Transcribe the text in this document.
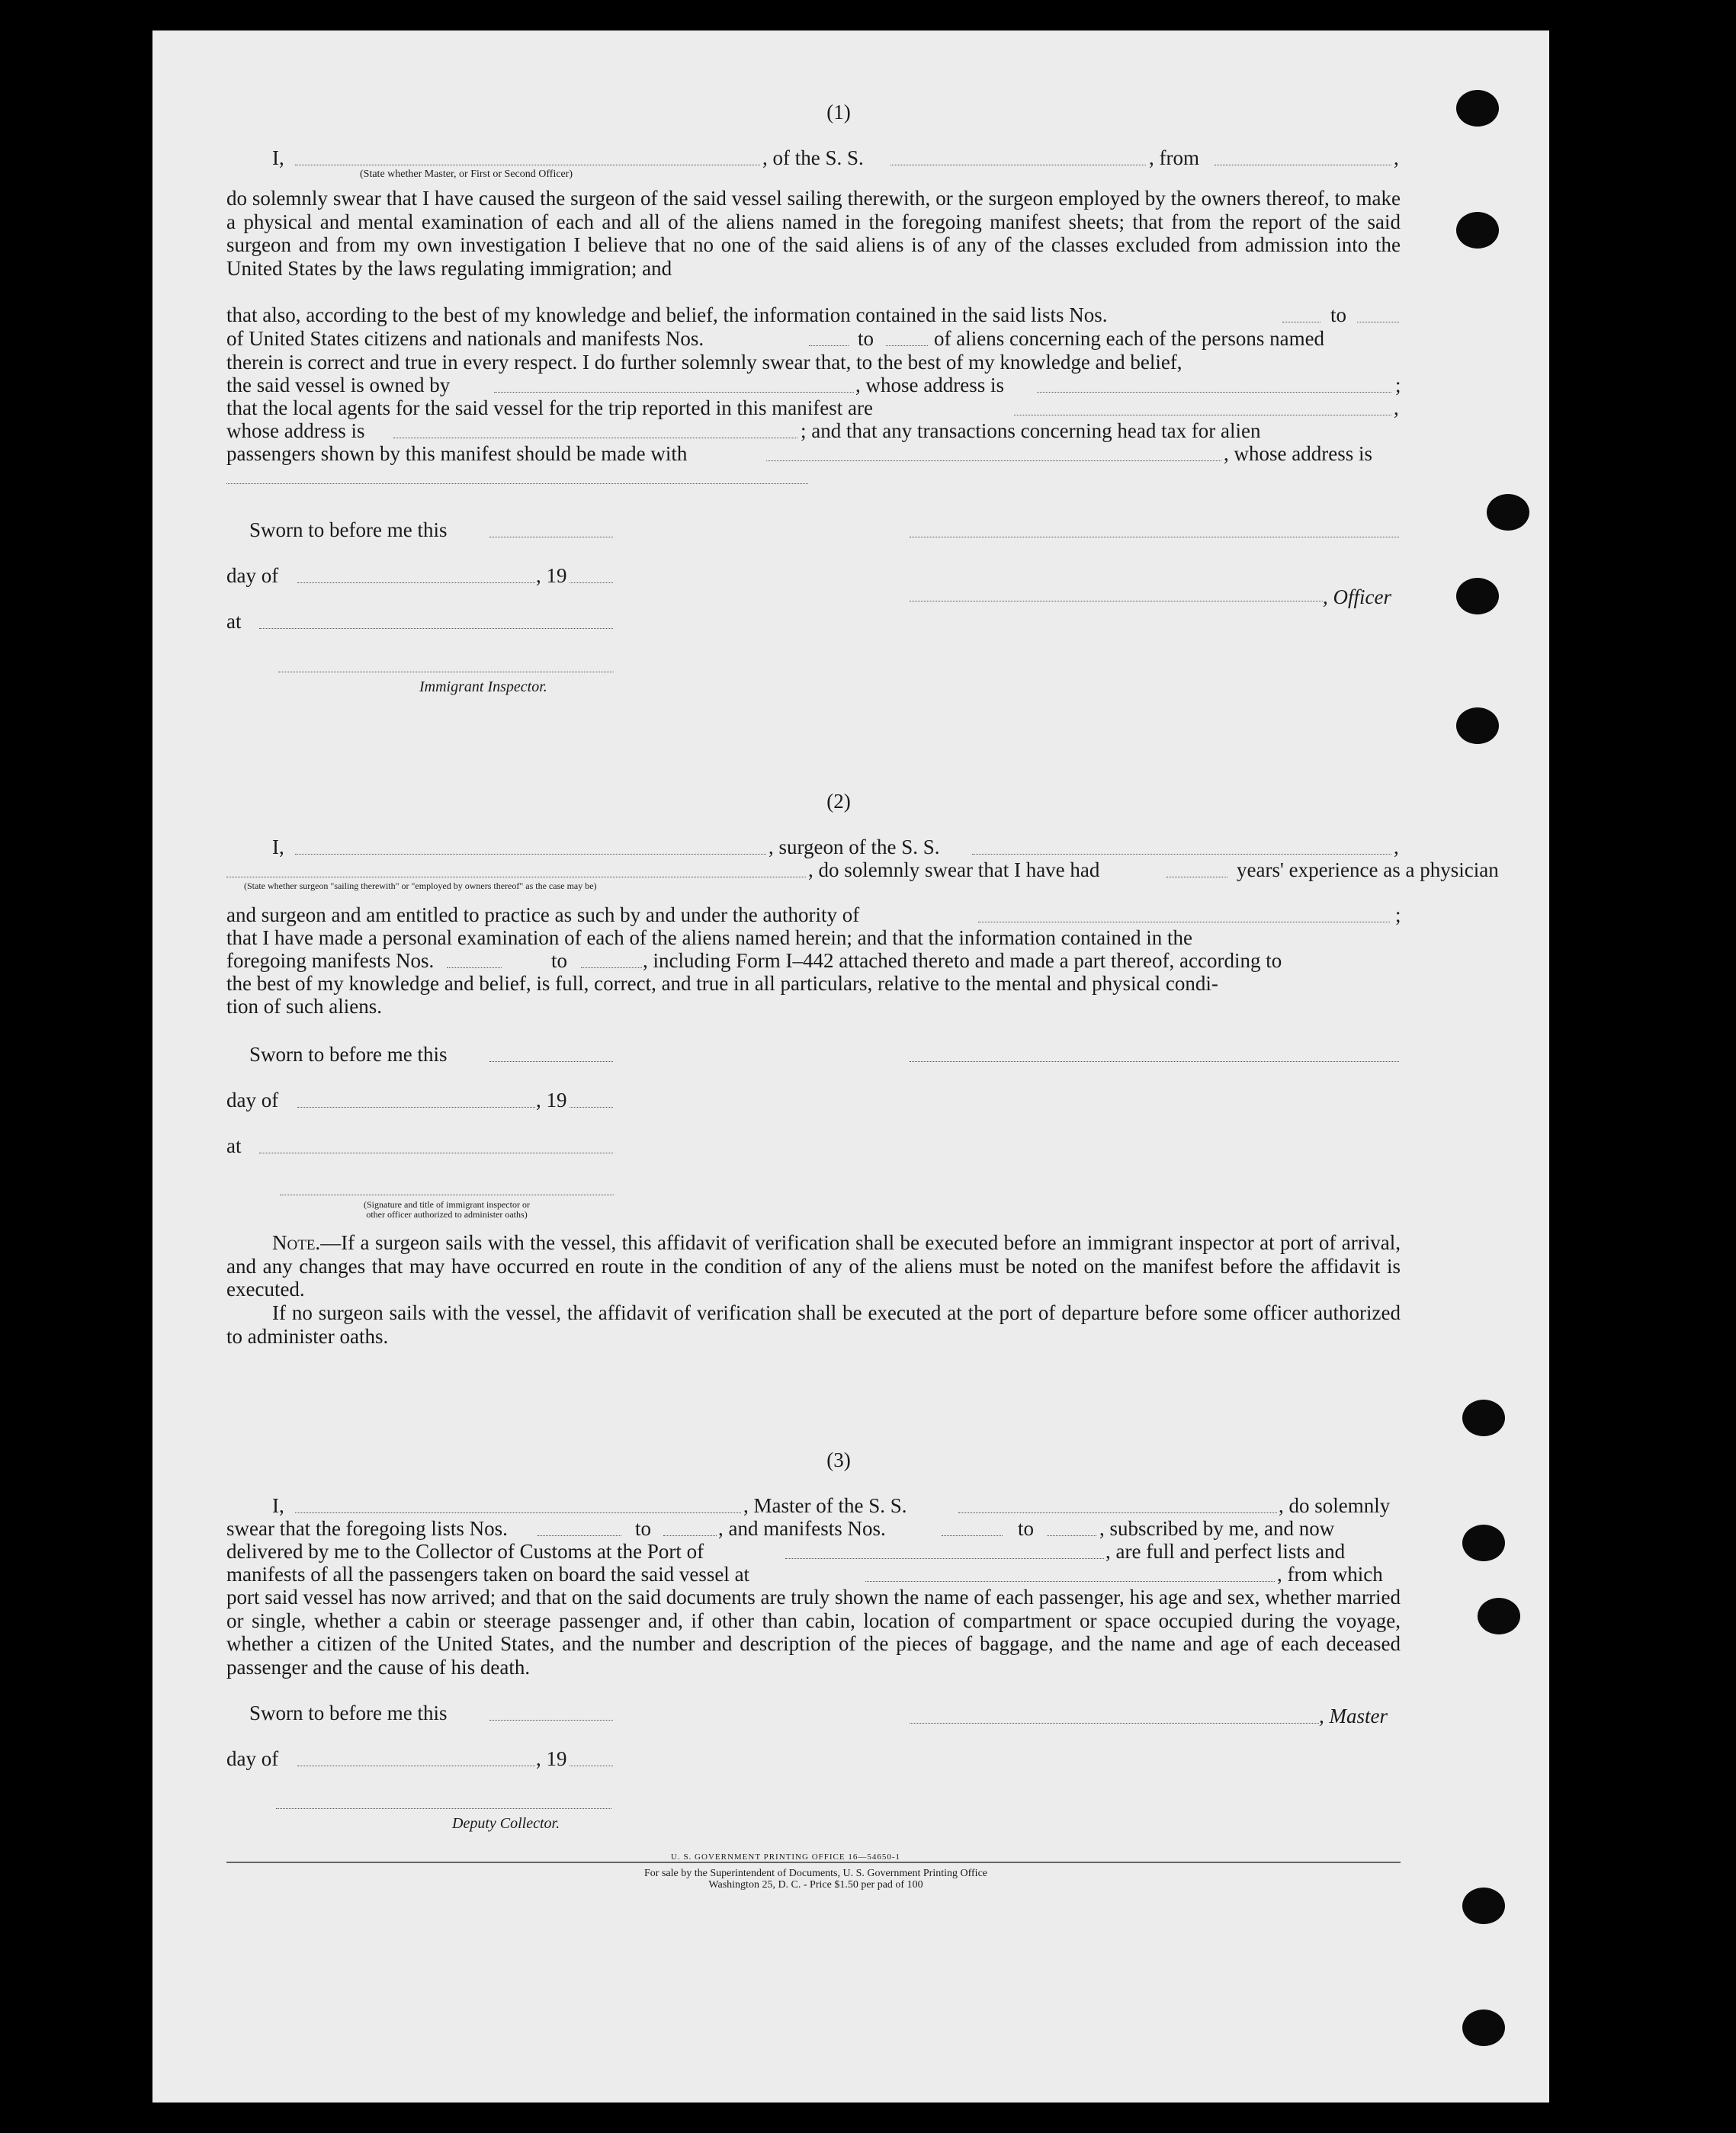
(1)
I,	, of the S. S.	, from	,
(State whether Master, or First or Second Officer)
do solemnly swear that I have caused the surgeon of the said vessel sailing therewith, or the surgeon employed by the owners thereof, to make a physical and mental examination of each and all of the aliens named in the foregoing manifest sheets; that from the report of the said surgeon and from my own investigation I believe that no one of the said aliens is of any of the classes excluded from admission into the United States by the laws regulating immigration; and
that also, according to the best of my knowledge and belief, the information contained in the said lists Nos.	to
of United States citizens and nationals and manifests Nos.	to	of aliens concerning each of the persons named
therein is correct and true in every respect. I do further solemnly swear that, to the best of my knowledge and belief,
the said vessel is owned by	, whose address is	;
that the local agents for the said vessel for the trip reported in this manifest are	,
whose address is	; and that any transactions concerning head tax for alien
passengers shown by this manifest should be made with	, whose address is
Sworn to before me this
day of	, 19
, Officer
at
Immigrant Inspector.
(2)
I,	, surgeon of the S. S.	,
, do solemnly swear that I have had	years' experience as a physician
(State whether surgeon "sailing therewith" or "employed by owners thereof" as the case may be)
and surgeon and am entitled to practice as such by and under the authority of	;
that I have made a personal examination of each of the aliens named herein; and that the information contained in the
foregoing manifests Nos.	to	, including Form I–442 attached thereto and made a part thereof, according to
the best of my knowledge and belief, is full, correct, and true in all particulars, relative to the mental and physical condi-
tion of such aliens.
Sworn to before me this
day of	, 19
at
(Signature and title of immigrant inspector or
other officer authorized to administer oaths)
Note.—If a surgeon sails with the vessel, this affidavit of verification shall be executed before an immigrant inspector at port of arrival, and any changes that may have occurred en route in the condition of any of the aliens must be noted on the manifest before the affidavit is executed.
If no surgeon sails with the vessel, the affidavit of verification shall be executed at the port of departure before some officer authorized to administer oaths.
(3)
I,	, Master of the S. S.	, do solemnly
swear that the foregoing lists Nos.	to	, and manifests Nos.	to	, subscribed by me, and now
delivered by me to the Collector of Customs at the Port of	, are full and perfect lists and
manifests of all the passengers taken on board the said vessel at	, from which
port said vessel has now arrived; and that on the said documents are truly shown the name of each passenger, his age and sex, whether married or single, whether a cabin or steerage passenger and, if other than cabin, location of compartment or space occupied during the voyage, whether a citizen of the United States, and the number and description of the pieces of baggage, and the name and age of each deceased passenger and the cause of his death.
Sworn to before me this	, Master
day of	, 19
Deputy Collector.
U. S. GOVERNMENT PRINTING OFFICE 16—54650-1
For sale by the Superintendent of Documents, U. S. Government Printing Office
Washington 25, D. C. - Price $1.50 per pad of 100
